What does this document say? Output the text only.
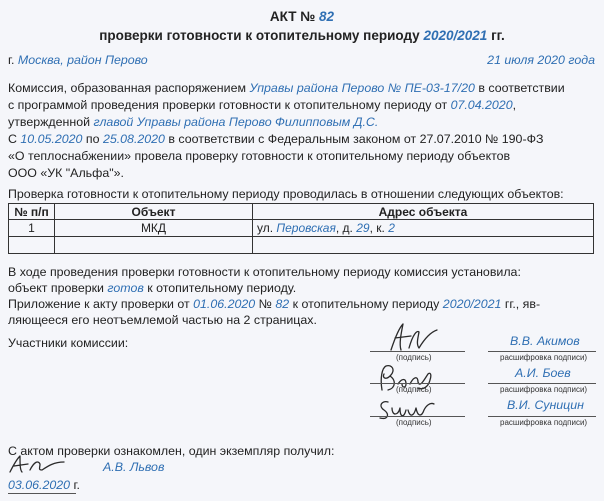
АКТ № 82
проверки готовности к отопительному периоду 2020/2021 гг.
г. Москва, район Перово	21 июля 2020 года
Комиссия, образованная распоряжением Управы района Перово № ПЕ-03-17/20 в соответствии
с программой проведения проверки готовности к отопительному периоду от 07.04.2020,
утвержденной главой Управы района Перово Филипповым Д.С.
С 10.05.2020 по 25.08.2020 в соответствии с Федеральным законом от 27.07.2010 № 190-ФЗ
«О теплоснабжении» провела проверку готовности к отопительному периоду объектов
ООО «УК "Альфа"».
Проверка готовности к отопительному периоду проводилась в отношении следующих объектов:
№ п/п	Объект	Адрес объекта
1	МКД	ул. Перовская, д. 29, к. 2

В ходе проведения проверки готовности к отопительному периоду комиссия установила:
объект проверки готов к отопительному периоду.
Приложение к акту проверки от 01.06.2020 № 82 к отопительному периоду 2020/2021 гг., яв-
ляющееся его неотъемлемой частью на 2 страницах.
Участники комиссии:
(подпись)
В.В. Акимов
расшифровка подписи)
(подпись)
А.И. Боев
расшифровка подписи)
(подпись)
В.И. Суницин
расшифровка подписи)
С актом проверки ознакомлен, один экземпляр получил:
А.В. Львов
03.06.2020 г.
